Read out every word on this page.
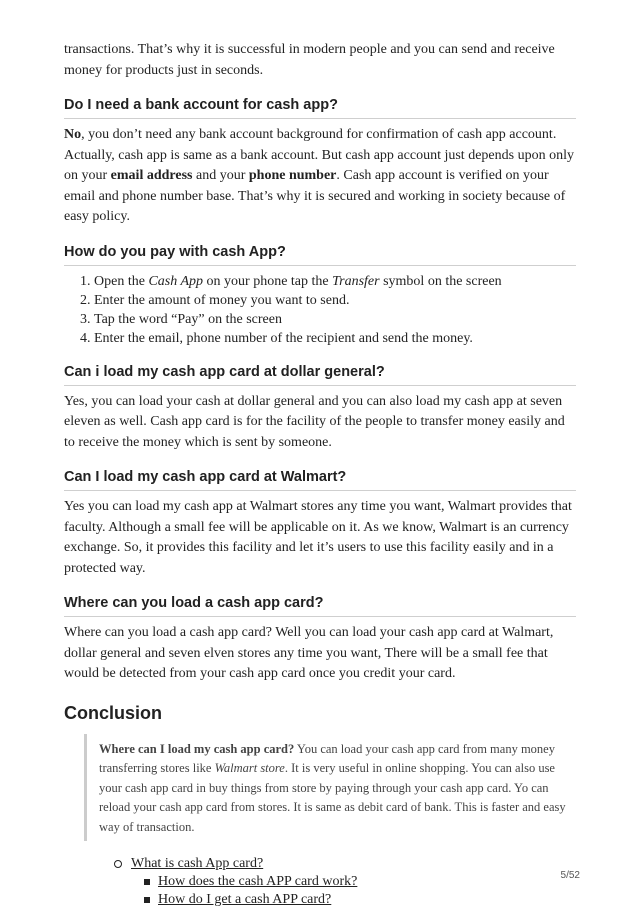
transactions. That’s why it is successful in modern people and you can send and receive money for products just in seconds.

Do I need a bank account for cash app?

No, you don’t need any bank account background for confirmation of cash app account. Actually, cash app is same as a bank account. But cash app account just depends upon only on your email address and your phone number. Cash app account is verified on your email and phone number base. That’s why it is secured and working in society because of easy policy.

How do you pay with cash App?
1. Open the Cash App on your phone tap the Transfer symbol on the screen
2. Enter the amount of money you want to send.
3. Tap the word “Pay” on the screen
4. Enter the email, phone number of the recipient and send the money.
Can i load my cash app card at dollar general?

Yes, you can load your cash at dollar general and you can also load my cash app at seven eleven as well. Cash app card is for the facility of the people to transfer money easily and to receive the money which is sent by someone.

Can I load my cash app card at Walmart?

Yes you can load my cash app at Walmart stores any time you want, Walmart provides that faculty. Although a small fee will be applicable on it. As we know, Walmart is an currency exchange. So, it provides this facility and let it’s users to use this facility easily and in a protected way.

Where can you load a cash app card?

Where can you load a cash app card? Well you can load your cash app card at Walmart, dollar general and seven elven stores any time you want, There will be a small fee that would be detected from your cash app card once you credit your card.

Conclusion
Where can I load my cash app card? You can load your cash app card from many money transferring stores like Walmart store. It is very useful in online shopping. You can also use your cash app card in buy things from store by paying through your cash app card. Yo can reload your cash app card from stores. It is same as debit card of bank. This is faster and easy way of transaction.
What is cash App card?
How does the cash APP card work?
How do I get a cash APP card?
5/52
